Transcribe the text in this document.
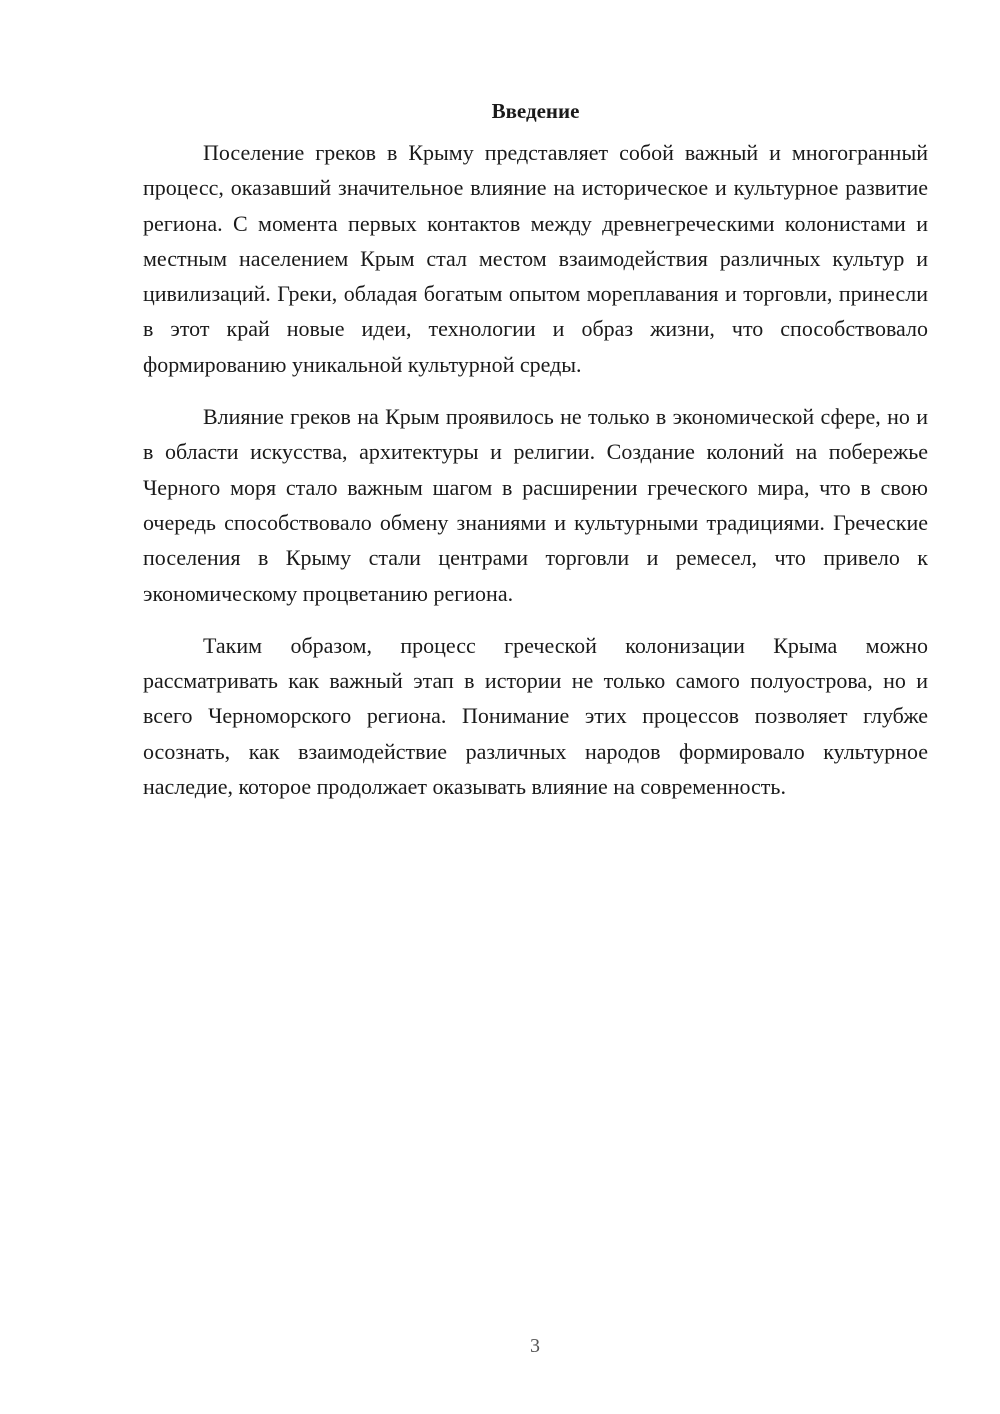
Введение

Поселение греков в Крыму представляет собой важный и многогранный процесс, оказавший значительное влияние на историческое и культурное развитие региона. С момента первых контактов между древнегреческими колонистами и местным населением Крым стал местом взаимодействия различных культур и цивилизаций. Греки, обладая богатым опытом мореплавания и торговли, принесли в этот край новые идеи, технологии и образ жизни, что способствовало формированию уникальной культурной среды.

Влияние греков на Крым проявилось не только в экономической сфере, но и в области искусства, архитектуры и религии. Создание колоний на побережье Черного моря стало важным шагом в расширении греческого мира, что в свою очередь способствовало обмену знаниями и культурными традициями. Греческие поселения в Крыму стали центрами торговли и ремесел, что привело к экономическому процветанию региона.

Таким образом, процесс греческой колонизации Крыма можно рассматривать как важный этап в истории не только самого полуострова, но и всего Черноморского региона. Понимание этих процессов позволяет глубже осознать, как взаимодействие различных народов формировало культурное наследие, которое продолжает оказывать влияние на современность.

3
